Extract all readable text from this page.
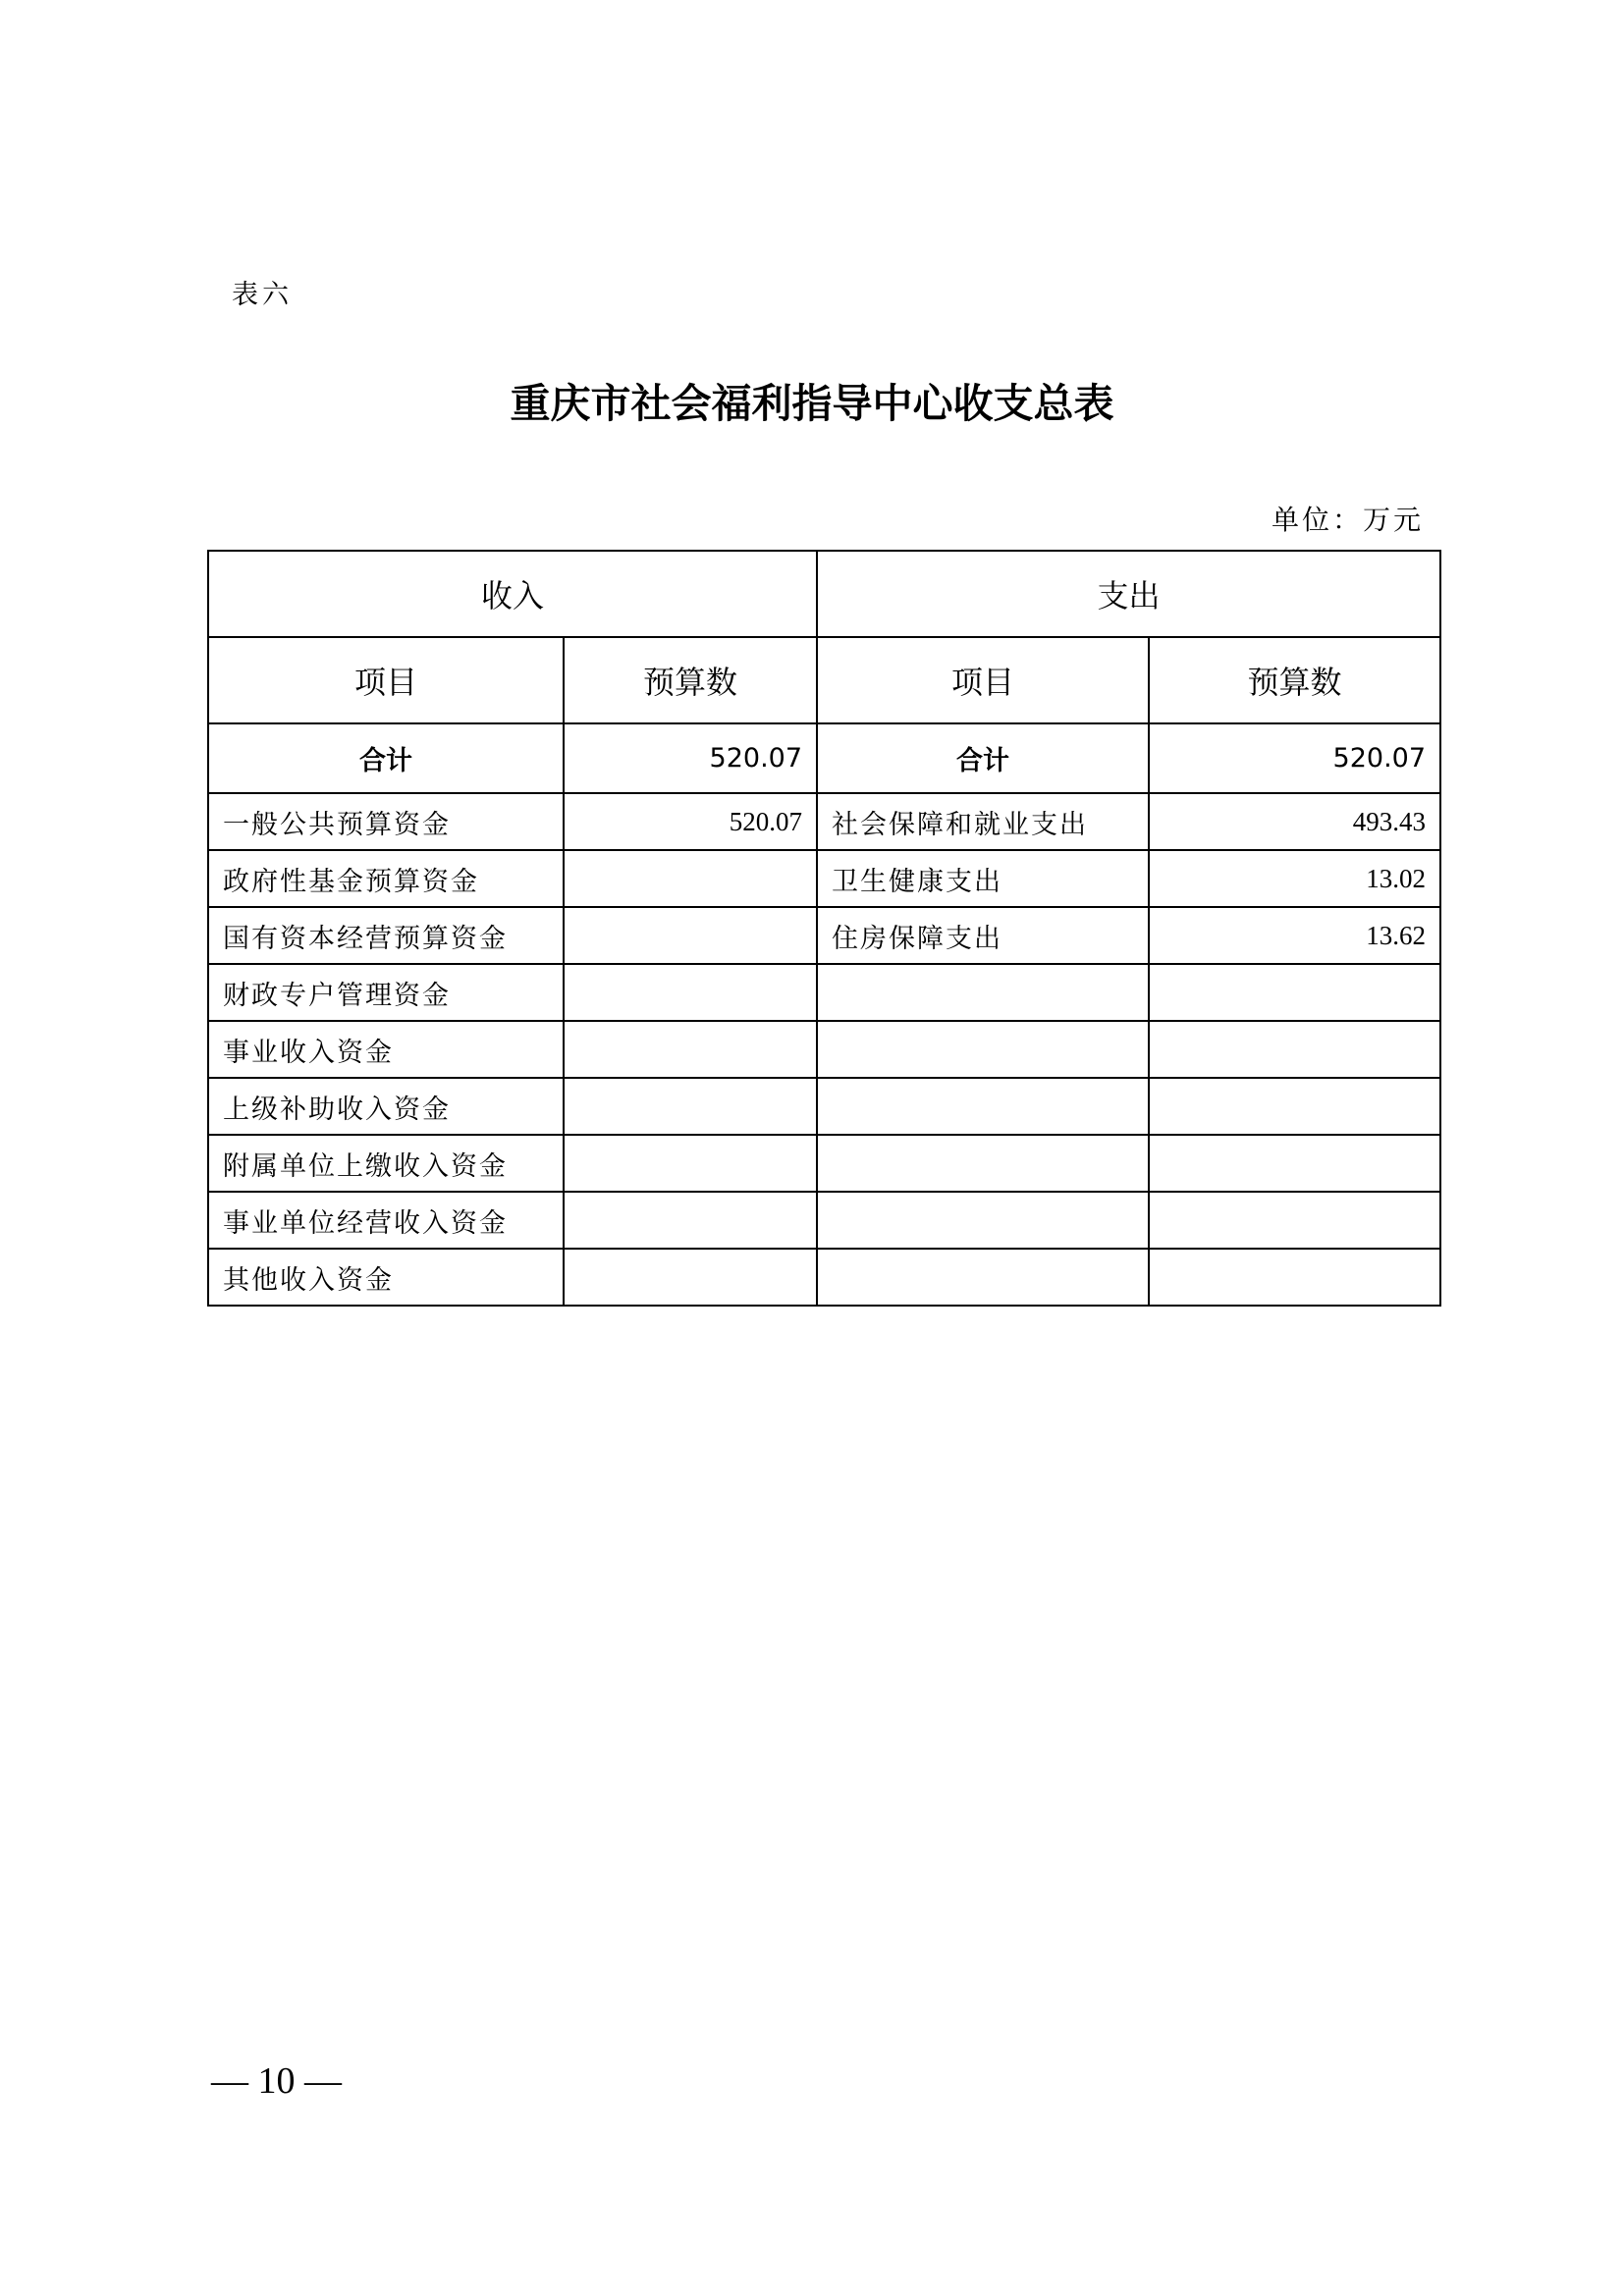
表六
重庆市社会福利指导中心收支总表
单位：万元
收入		支出	
项目	预算数	项目	预算数
合计	520.07	合计	520.07
一般公共预算资金	520.07	社会保障和就业支出	493.43
政府性基金预算资金		卫生健康支出	13.02
国有资本经营预算资金		住房保障支出	13.62
财政专户管理资金			
事业收入资金			
上级补助收入资金			
附属单位上缴收入资金			
事业单位经营收入资金			
其他收入资金			
— 10 —
